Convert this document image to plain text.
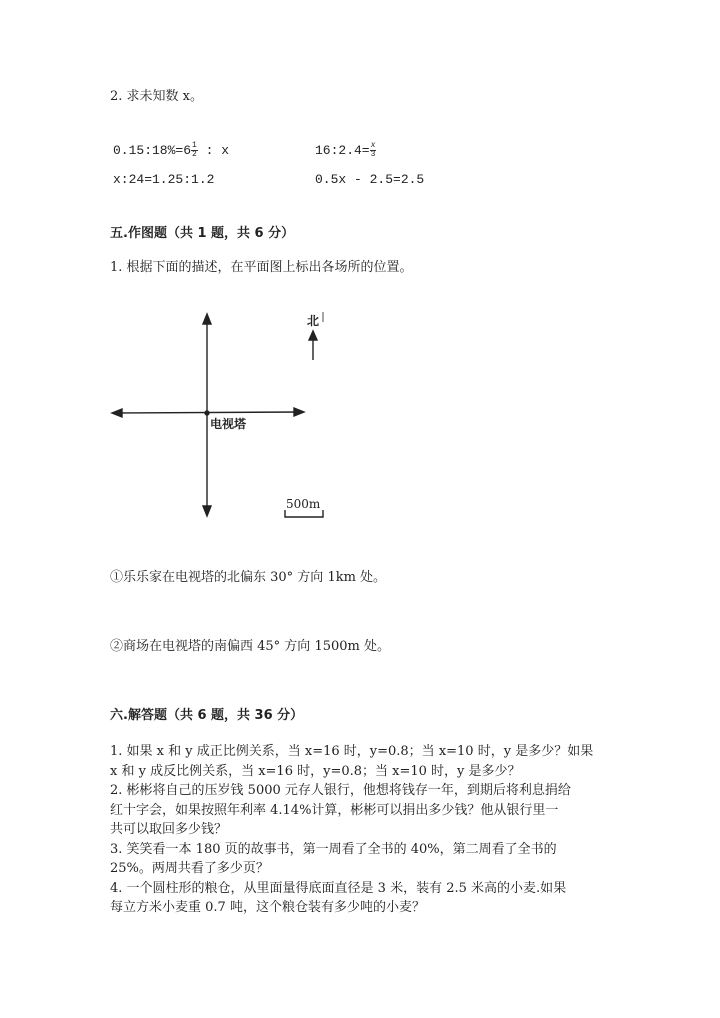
2. 求未知数 x。
0.15:18%=6 $\frac{1}{2}$ : x	16:2.4= $\frac{x}{3}$
x:24=1.25:1.2	0.5x - 2.5=2.5
五.作图题（共 1 题，共 6 分）
1. 根据下面的描述，在平面图上标出各场所的位置。
电视塔
北
500m
①乐乐家在电视塔的北偏东 30° 方向 1km 处。
②商场在电视塔的南偏西 45° 方向 1500m 处。
六.解答题（共 6 题，共 36 分）
1. 如果 x 和 y 成正比例关系，当 x=16 时，y=0.8；当 x=10 时，y 是多少？如果
x 和 y 成反比例关系，当 x=16 时，y=0.8；当 x=10 时，y 是多少？
2. 彬彬将自己的压岁钱 5000 元存人银行，他想将钱存一年，到期后将利息捐给
红十字会，如果按照年利率 4.14%计算，彬彬可以捐出多少钱？他从银行里一
共可以取回多少钱？
3. 笑笑看一本 180 页的故事书，第一周看了全书的 40%，第二周看了全书的
25%。两周共看了多少页？
4. 一个圆柱形的粮仓，从里面量得底面直径是 3 米，装有 2.5 米高的小麦.如果
每立方米小麦重 0.7 吨，这个粮仓装有多少吨的小麦？
